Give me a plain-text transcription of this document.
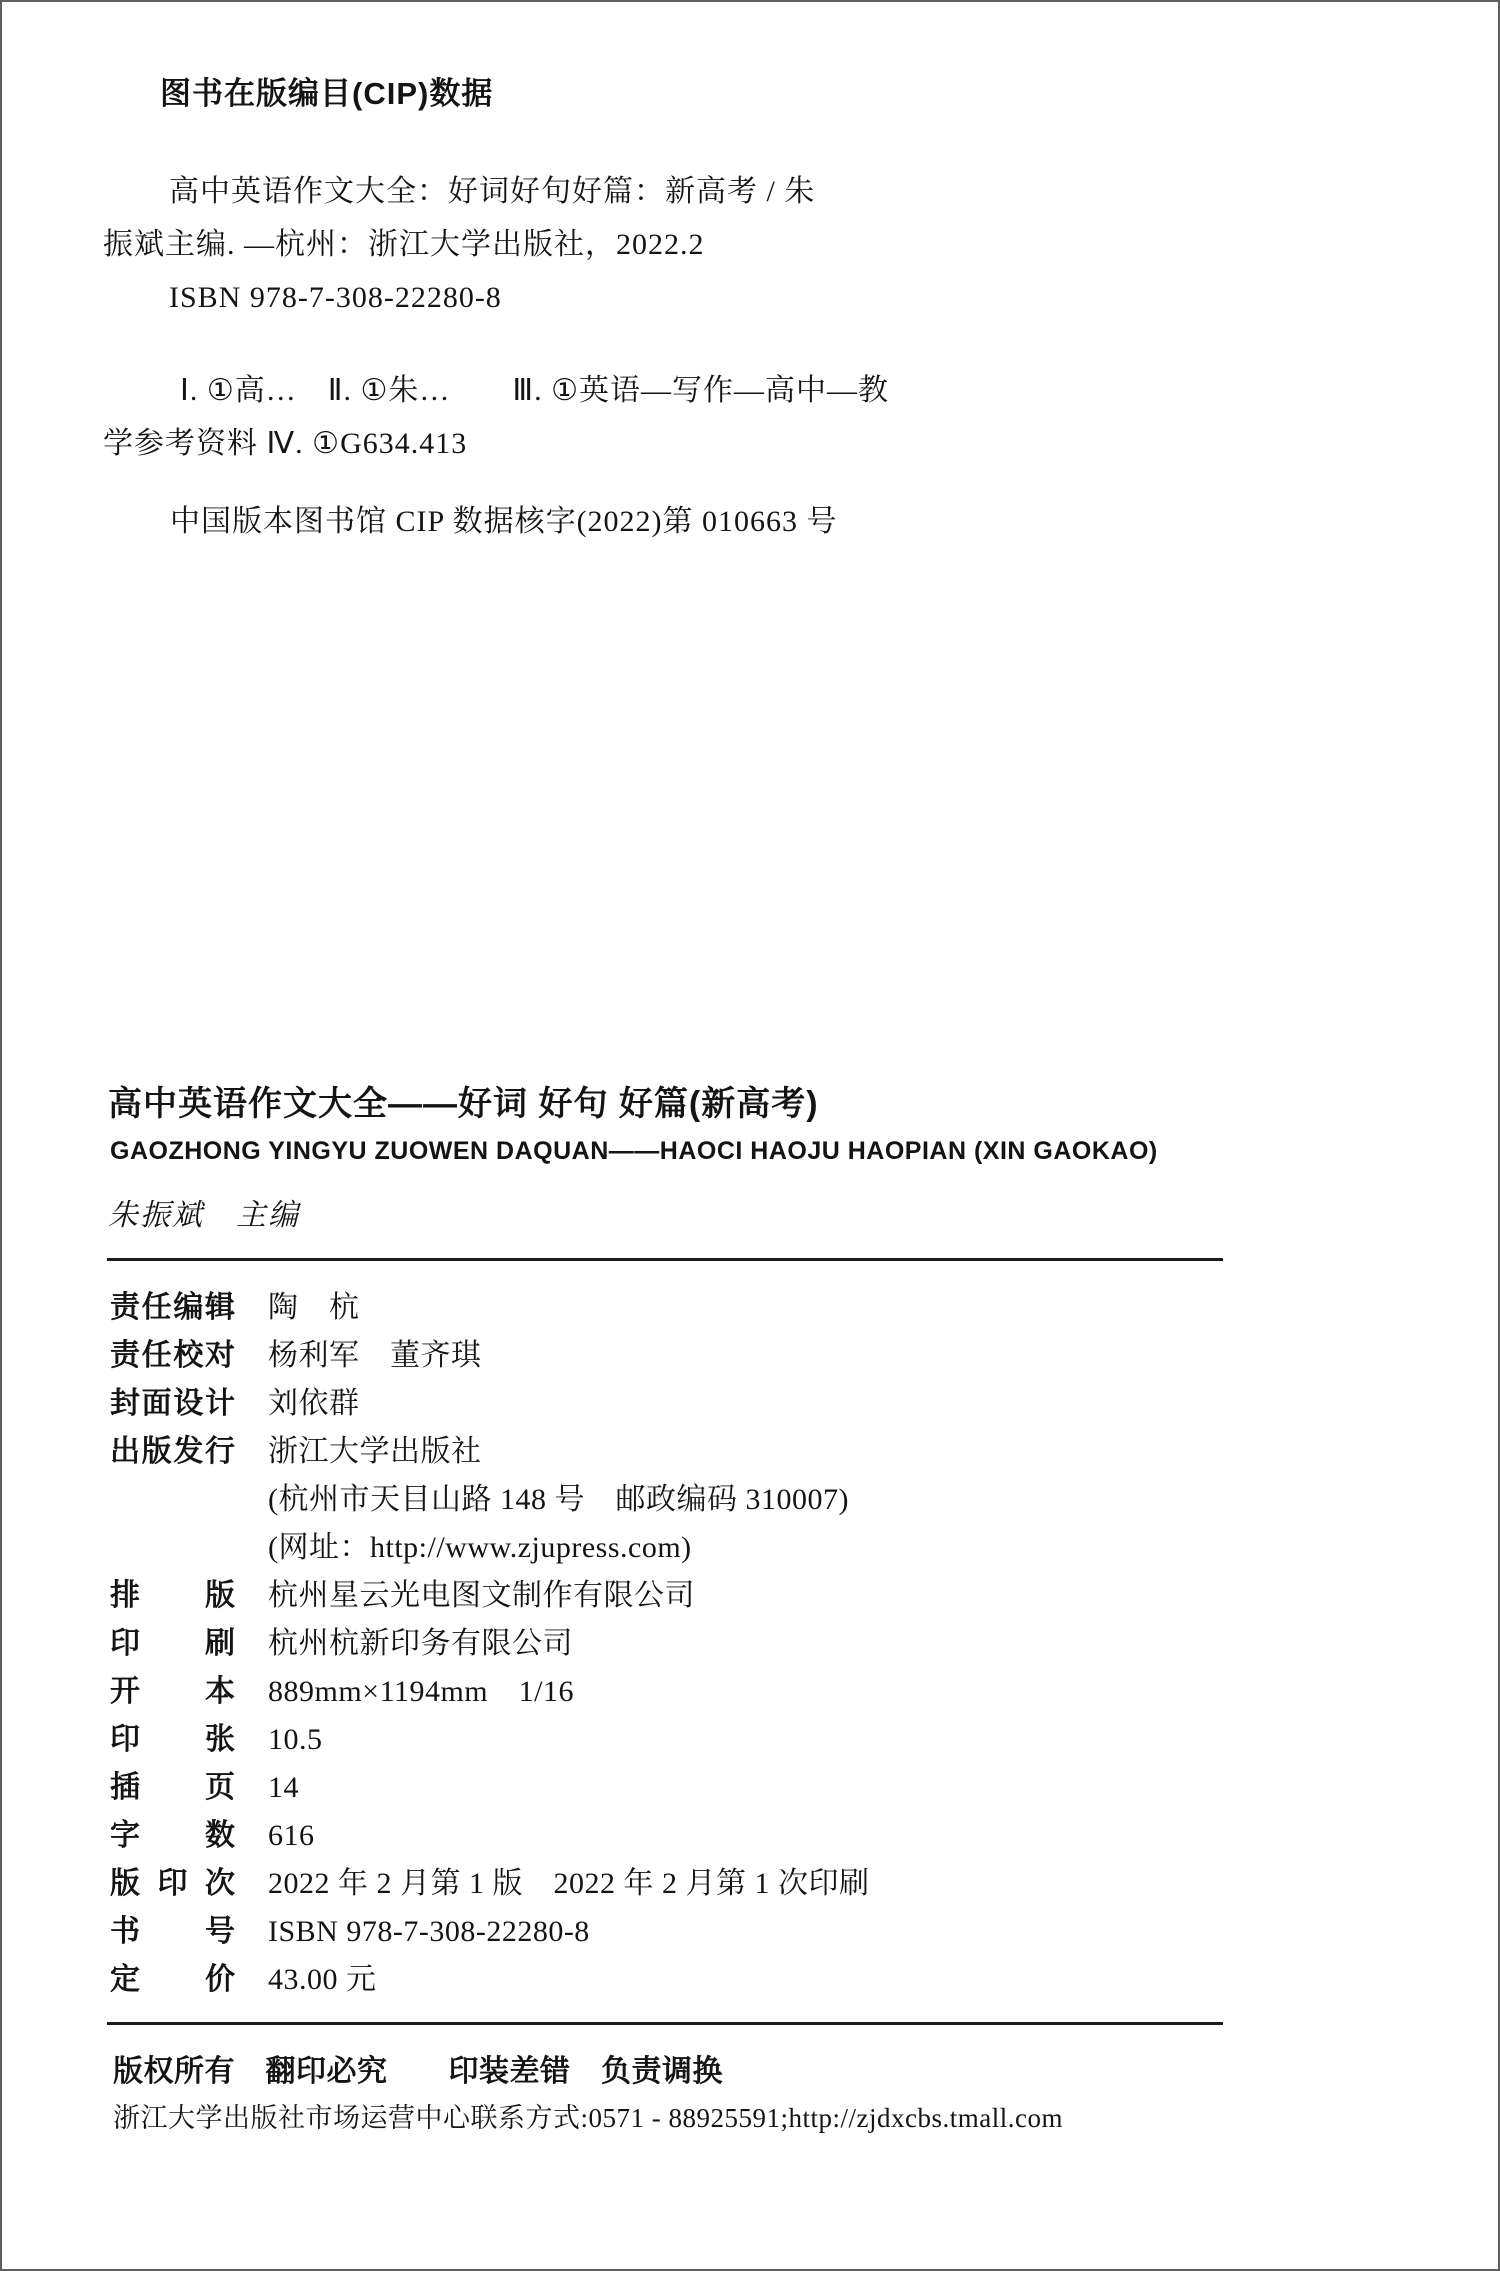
图书在版编目(CIP)数据
高中英语作文大全：好词好句好篇：新高考 / 朱
振斌主编. —杭州：浙江大学出版社，2022.2
ISBN 978-7-308-22280-8
Ⅰ. ①高…　Ⅱ. ①朱…　　Ⅲ. ①英语—写作—高中—教
学参考资料 Ⅳ. ①G634.413
中国版本图书馆 CIP 数据核字(2022)第 010663 号
高中英语作文大全——好词 好句 好篇(新高考)
GAOZHONG YINGYU ZUOWEN DAQUAN——HAOCI HAOJU HAOPIAN (XIN GAOKAO)
朱振斌　主编
责任编辑 陶　杭
责任校对 杨利军　董齐琪
封面设计 刘依群
出版发行 浙江大学出版社
(杭州市天目山路 148 号　邮政编码 310007)
(网址：http://www.zjupress.com)
排版 杭州星云光电图文制作有限公司
印刷 杭州杭新印务有限公司
开本 889mm×1194mm　1/16
印张 10.5
插页 14
字数 616
版印次 2022 年 2 月第 1 版　2022 年 2 月第 1 次印刷
书号 ISBN 978-7-308-22280-8
定价 43.00 元
版权所有　翻印必究　　印装差错　负责调换
浙江大学出版社市场运营中心联系方式:0571 - 88925591;http://zjdxcbs.tmall.com
